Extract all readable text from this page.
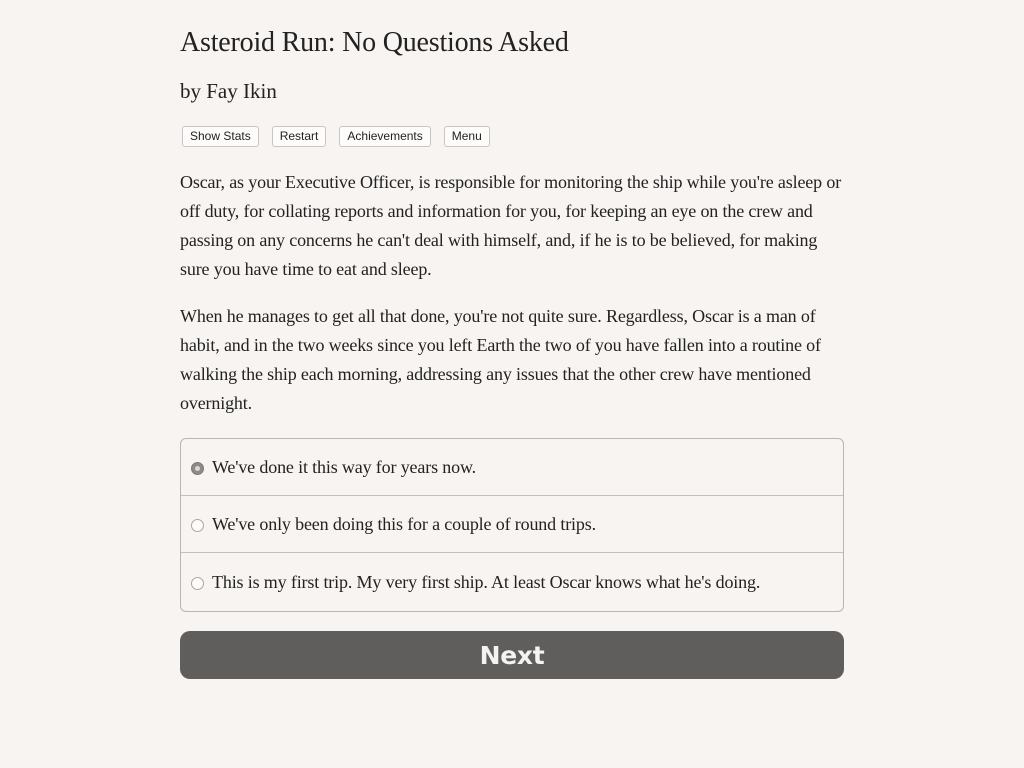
Asteroid Run: No Questions Asked
by Fay Ikin
Show Stats	Restart	Achievements	Menu

Oscar, as your Executive Officer, is responsible for monitoring the ship while you're asleep or off duty, for collating reports and information for you, for keeping an eye on the crew and passing on any concerns he can't deal with himself, and, if he is to be believed, for making sure you have time to eat and sleep.

When he manages to get all that done, you're not quite sure. Regardless, Oscar is a man of habit, and in the two weeks since you left Earth the two of you have fallen into a routine of walking the ship each morning, addressing any issues that the other crew have mentioned overnight.

We've done it this way for years now.
We've only been doing this for a couple of round trips.
This is my first trip. My very first ship. At least Oscar knows what he's doing.
Next
